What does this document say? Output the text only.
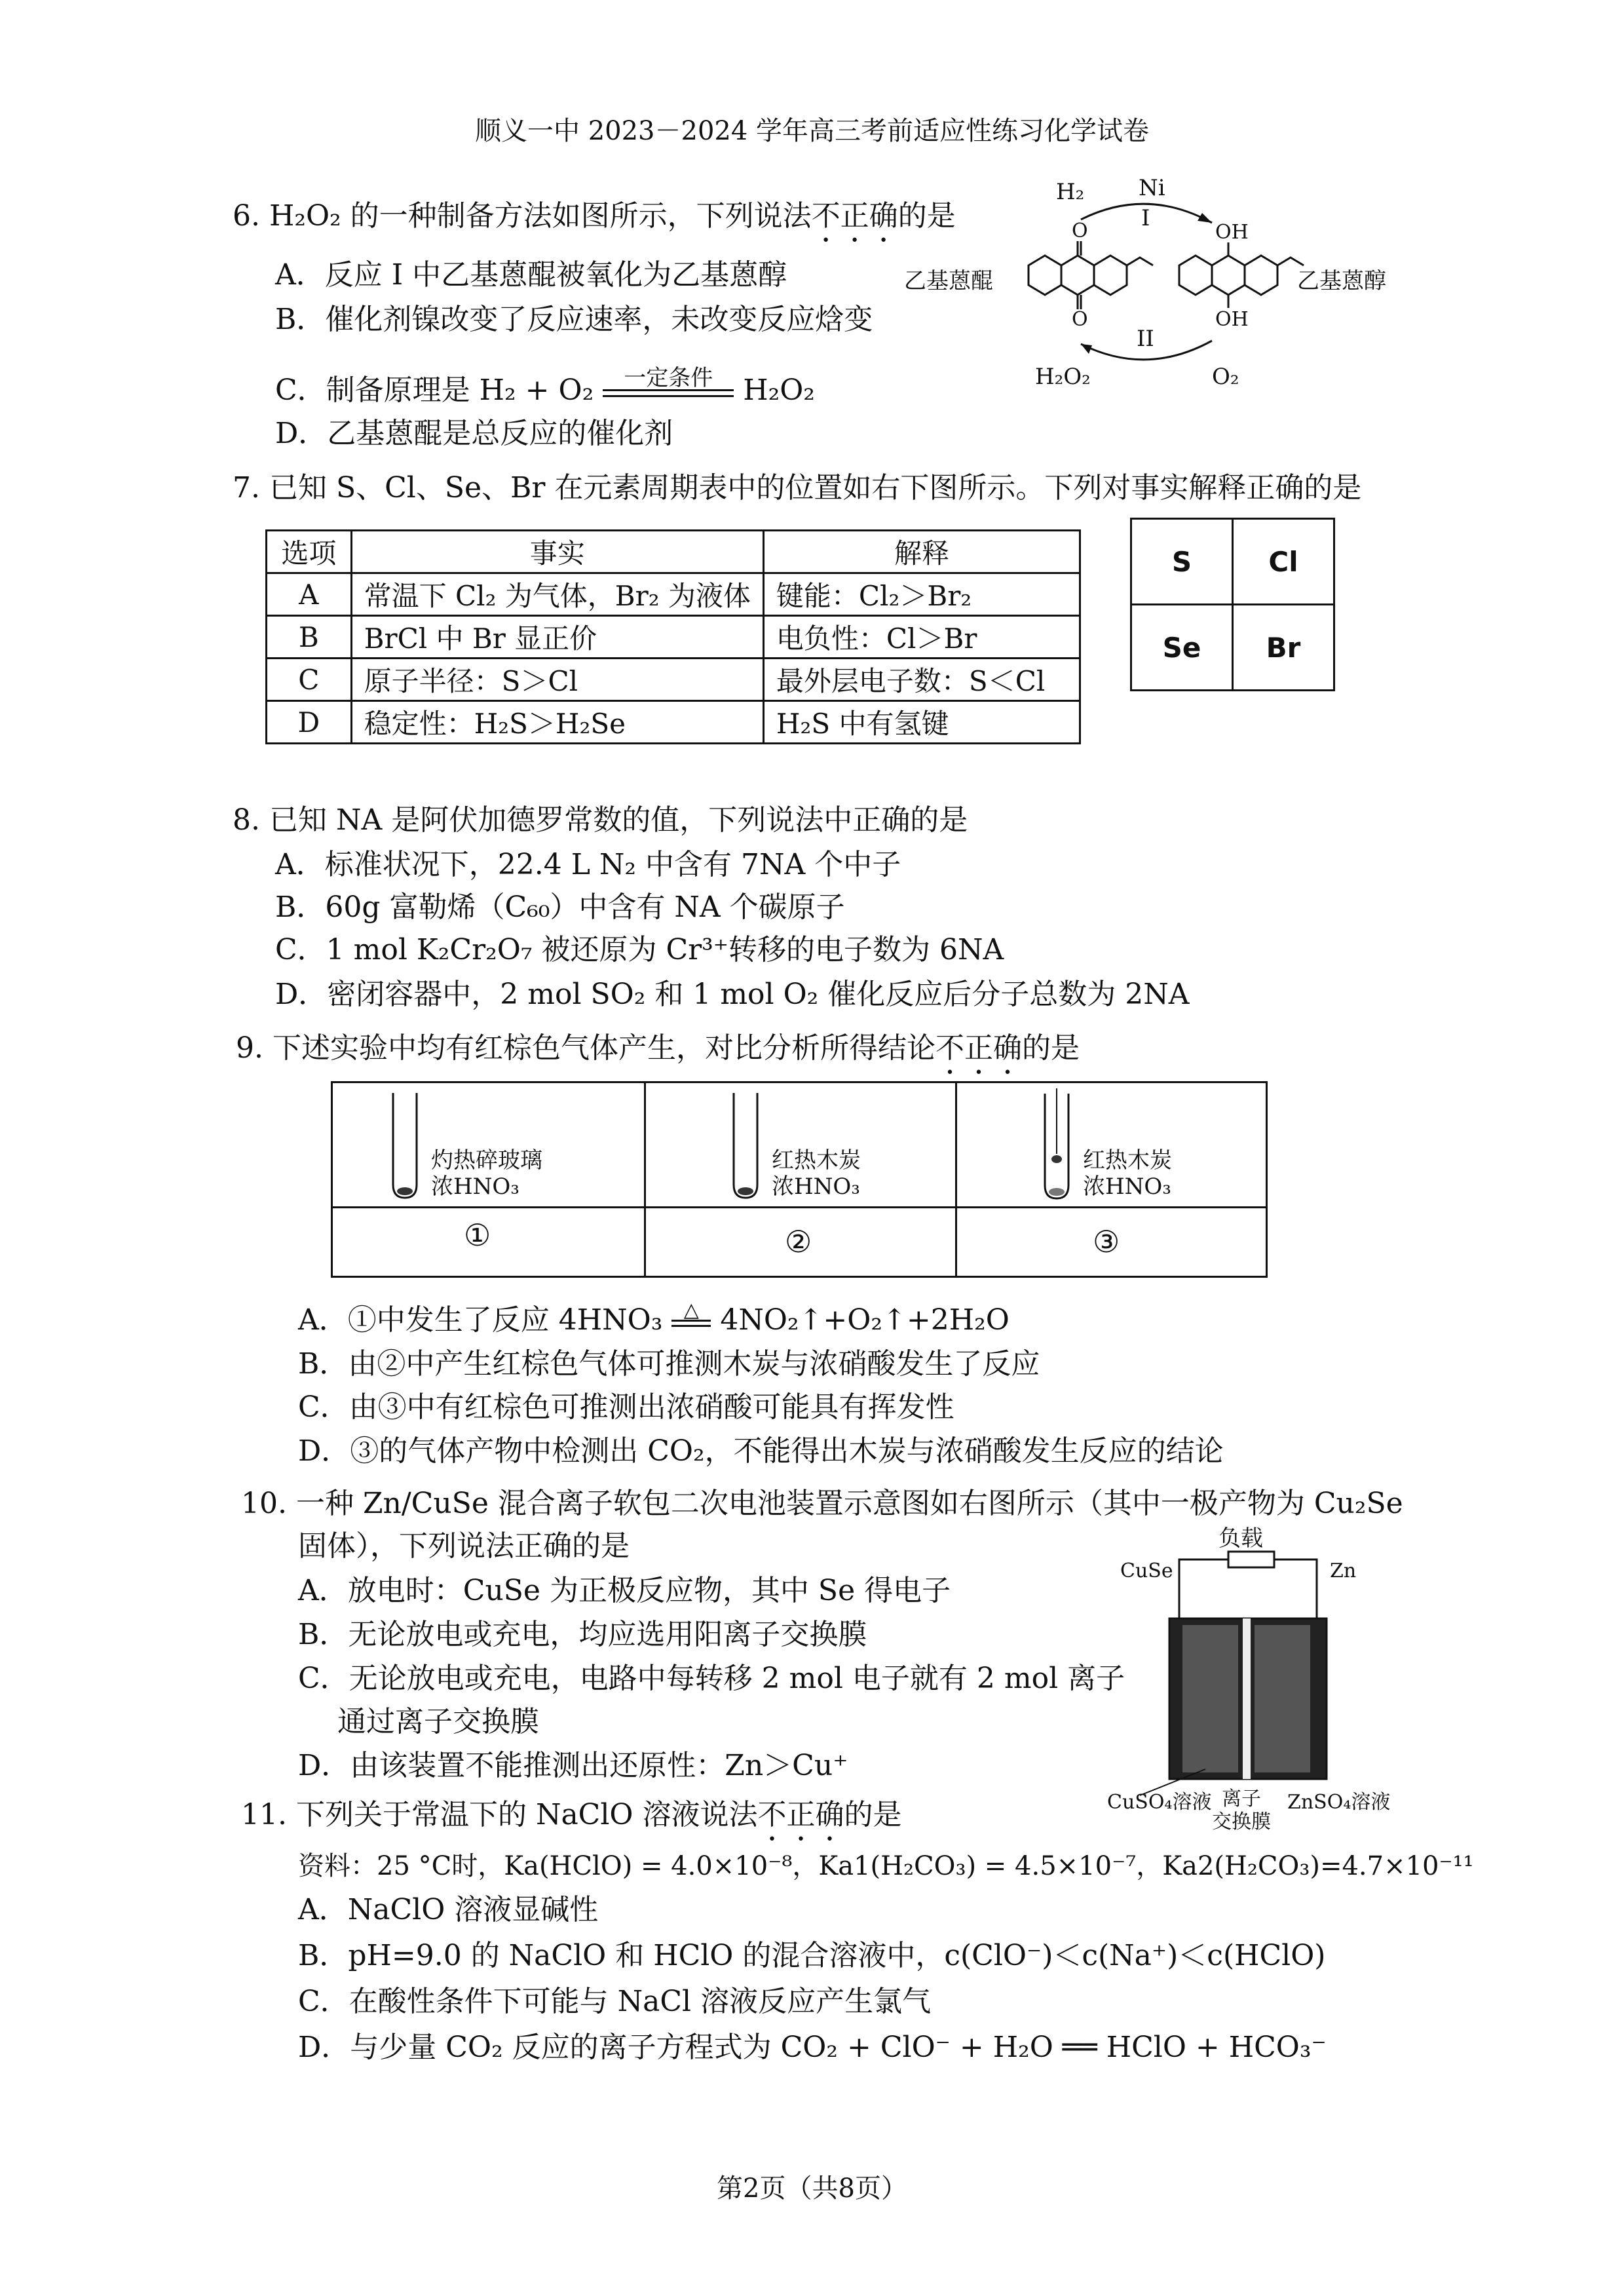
顺义一中 2023－2024 学年高三考前适应性练习化学试卷
6. H₂O₂ 的一种制备方法如图所示，下列说法不正确的是
A．反应 I 中乙基蒽醌被氧化为乙基蒽醇
B．催化剂镍改变了反应速率，未改变反应焓变
C．制备原理是 H₂ + O₂	一定条件	H₂O₂
D．乙基蒽醌是总反应的催化剂
H₂ Ni
I
II
乙基蒽醌	乙基蒽醇
O
O
OH
OH
H₂O₂	O₂
7. 已知 S、Cl、Se、Br 在元素周期表中的位置如右下图所示。下列对事实解释正确的是
选项	事实	解释
A	常温下 Cl₂ 为气体，Br₂ 为液体	键能：Cl₂＞Br₂
B	BrCl 中 Br 显正价	电负性：Cl＞Br
C	原子半径：S＞Cl	最外层电子数：S＜Cl
D	稳定性：H₂S＞H₂Se	H₂S 中有氢键
S	Cl
Se	Br
8. 已知 NA 是阿伏加德罗常数的值，下列说法中正确的是
A．标准状况下，22.4 L N₂ 中含有 7NA 个中子
B．60g 富勒烯（C₆₀）中含有 NA 个碳原子
C．1 mol K₂Cr₂O₇ 被还原为 Cr³⁺转移的电子数为 6NA
D．密闭容器中，2 mol SO₂ 和 1 mol O₂ 催化反应后分子总数为 2NA
9. 下述实验中均有红棕色气体产生，对比分析所得结论不正确的是
灼热碎玻璃
浓HNO₃
红热木炭
浓HNO₃
红热木炭
浓HNO₃
①	②	③
A．①中发生了反应 4HNO₃	△ 4NO₂↑+O₂↑+2H₂O
B．由②中产生红棕色气体可推测木炭与浓硝酸发生了反应
C．由③中有红棕色可推测出浓硝酸可能具有挥发性
D．③的气体产物中检测出 CO₂，不能得出木炭与浓硝酸发生反应的结论
10. 一种 Zn/CuSe 混合离子软包二次电池装置示意图如右图所示（其中一极产物为 Cu₂Se
固体），下列说法正确的是
A．放电时：CuSe 为正极反应物，其中 Se 得电子
B．无论放电或充电，均应选用阳离子交换膜
C．无论放电或充电，电路中每转移 2 mol 电子就有 2 mol 离子
通过离子交换膜
D．由该装置不能推测出还原性：Zn＞Cu⁺
负载
CuSe	Zn
CuSO₄溶液 离子
交换膜
ZnSO₄溶液
11. 下列关于常温下的 NaClO 溶液说法不正确的是
资料：25 °C时，Ka(HClO) = 4.0×10⁻⁸，Ka1(H₂CO₃) = 4.5×10⁻⁷，Ka2(H₂CO₃)=4.7×10⁻¹¹
A．NaClO 溶液显碱性
B．pH=9.0 的 NaClO 和 HClO 的混合溶液中，c(ClO⁻)＜c(Na⁺)＜c(HClO)
C．在酸性条件下可能与 NaCl 溶液反应产生氯气
D．与少量 CO₂ 反应的离子方程式为 CO₂ + ClO⁻ + H₂O ══ HClO + HCO₃⁻
第2页（共8页）
